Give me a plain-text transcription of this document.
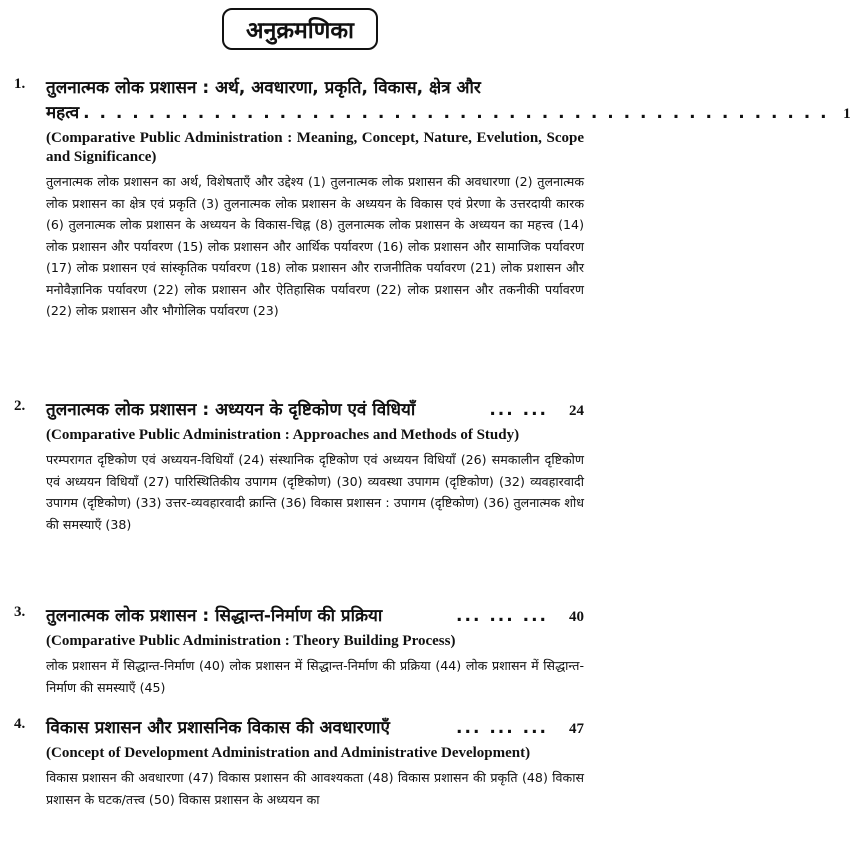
अनुक्रमणिका
1. तुलनात्मक लोक प्रशासन : अर्थ, अवधारणा, प्रकृति, विकास, क्षेत्र और

महत्व . . . . . . . . . . . . . . . . . . . . . . . . . . . . . . . . . . . . . . . . . . . . . . 1

(Comparative Public Administration : Meaning, Concept, Nature, Evelution, Scope and Significance)

तुलनात्मक लोक प्रशासन का अर्थ, विशेषताएँ और उद्देश्य (1) तुलनात्मक लोक प्रशासन की अवधारणा (2) तुलनात्मक लोक प्रशासन का क्षेत्र एवं प्रकृति (3) तुलनात्मक लोक प्रशासन के अध्ययन के विकास एवं प्रेरणा के उत्तरदायी कारक (6) तुलनात्मक लोक प्रशासन के अध्ययन के विकास-चिह्न (8) तुलनात्मक लोक प्रशासन के अध्ययन का महत्त्व (14) लोक प्रशासन और पर्यावरण (15) लोक प्रशासन और आर्थिक पर्यावरण (16) लोक प्रशासन और सामाजिक पर्यावरण (17) लोक प्रशासन एवं सांस्कृतिक पर्यावरण (18) लोक प्रशासन और राजनीतिक पर्यावरण (21) लोक प्रशासन और मनोवैज्ञानिक पर्यावरण (22) लोक प्रशासन और ऐतिहासिक पर्यावरण (22) लोक प्रशासन और तकनीकी पर्यावरण (22) लोक प्रशासन और भौगोलिक पर्यावरण (23)

2. तुलनात्मक लोक प्रशासन : अध्ययन के दृष्टिकोण एवं विधियाँ	... ...	24

(Comparative Public Administration : Approaches and Methods of Study)

परम्परागत दृष्टिकोण एवं अध्ययन-विधियाँ (24) संस्थानिक दृष्टिकोण एवं अध्ययन विधियाँ (26) समकालीन दृष्टिकोण एवं अध्ययन विधियाँ (27) पारिस्थितिकीय उपागम (दृष्टिकोण) (30) व्यवस्था उपागम (दृष्टिकोण) (32) व्यवहारवादी उपागम (दृष्टिकोण) (33) उत्तर-व्यवहारवादी क्रान्ति (36) विकास प्रशासन : उपागम (दृष्टिकोण) (36) तुलनात्मक शोध की समस्याएँ (38)

3. तुलनात्मक लोक प्रशासन : सिद्धान्त-निर्माण की प्रक्रिया	... ... ...	40

(Comparative Public Administration : Theory Building Process)

लोक प्रशासन में सिद्धान्त-निर्माण (40) लोक प्रशासन में सिद्धान्त-निर्माण की प्रक्रिया (44) लोक प्रशासन में सिद्धान्त-निर्माण की समस्याएँ (45)

4. विकास प्रशासन और प्रशासनिक विकास की अवधारणाएँ	... ... ...	47

(Concept of Development Administration and Administrative Development)

विकास प्रशासन की अवधारणा (47) विकास प्रशासन की आवश्यकता (48) विकास प्रशासन की प्रकृति (48) विकास प्रशासन के घटक/तत्त्व (50) विकास प्रशासन के अध्ययन का
